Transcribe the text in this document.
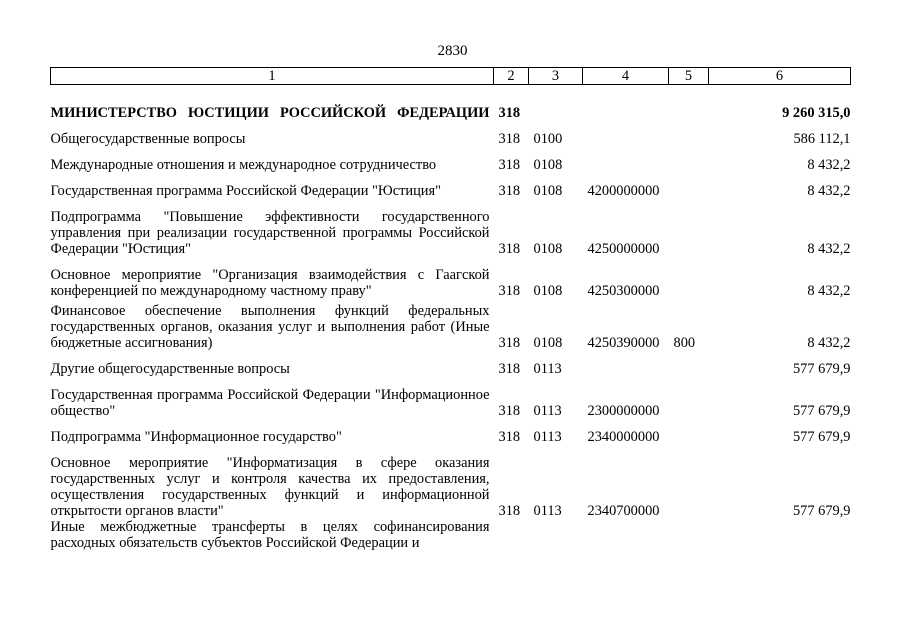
2830
1	2	3	4	5	6

МИНИСТЕРСТВО ЮСТИЦИИ РОССИЙСКОЙ ФЕДЕРАЦИИ	318				9 260 315,0

Общегосударственные вопросы	318	0100			586 112,1

Международные отношения и международное сотрудничество	318	0108			8 432,2

Государственная программа Российской Федерации "Юстиция"	318	0108	4200000000		8 432,2

Подпрограмма "Повышение эффективности государственного управления при реализации государственной программы Российской Федерации "Юстиция"	318	0108	4250000000		8 432,2

Основное мероприятие "Организация взаимодействия с Гаагской конференцией по международному частному праву"	318	0108	4250300000		8 432,2

Финансовое обеспечение выполнения функций федеральных государственных органов, оказания услуг и выполнения работ (Иные бюджетные ассигнования)	318	0108	4250390000	800	8 432,2

Другие общегосударственные вопросы	318	0113			577 679,9

Государственная программа Российской Федерации "Информационное общество"	318	0113	2300000000		577 679,9

Подпрограмма "Информационное государство"	318	0113	2340000000		577 679,9

Основное мероприятие "Информатизация в сфере оказания государственных услуг и контроля качества их предоставления, осуществления государственных функций и информационной открытости органов власти"	318	0113	2340700000		577 679,9

Иные межбюджетные трансферты в целях софинансирования расходных обязательств субъектов Российской Федерации и					
